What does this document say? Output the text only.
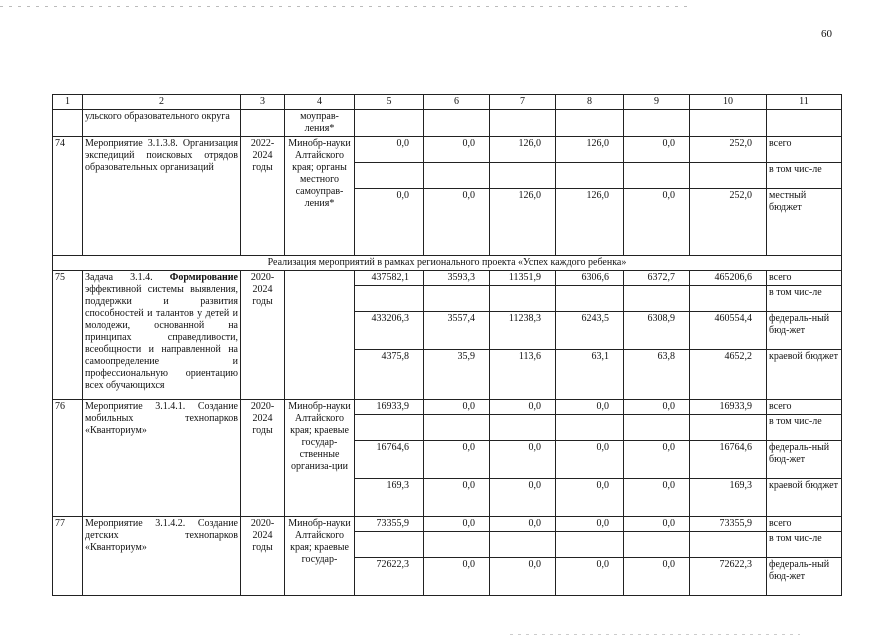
60
1	2	3	4	5	6	7	8	9	10	11
	ульского образовательного округа		моуправ-ления*							
74	Мероприятие 3.1.3.8. Организация экспедиций поисковых отрядов образовательных организаций	2022-2024 годы	Минобр-науки Алтайского края; органы местного самоуправ-ления*	0,0	0,0	126,0	126,0	0,0	252,0	всего
										в том чис-ле
				0,0	0,0	126,0	126,0	0,0	252,0	местный бюджет
Реализация мероприятий в рамках регионального проекта «Успех каждого ребенка»										
75	Задача 3.1.4. Формирование эффективной системы выявления, поддержки и развития способностей и талантов у детей и молодежи, основанной на принципах справедливости, всеобщности и направленной на самоопределение и профессиональную ориентацию всех обучающихся	2020-2024 годы		437582,1	3593,3	11351,9	6306,6	6372,7	465206,6	всего
										в том чис-ле
				433206,3	3557,4	11238,3	6243,5	6308,9	460554,4	федераль-ный бюд-жет
				4375,8	35,9	113,6	63,1	63,8	4652,2	краевой бюджет
76	Мероприятие 3.1.4.1. Создание мобильных технопарков «Кванториум»	2020-2024 годы	Минобр-науки Алтайского края; краевые государ-ственные организа-ции	16933,9	0,0	0,0	0,0	0,0	16933,9	всего
										в том чис-ле
				16764,6	0,0	0,0	0,0	0,0	16764,6	федераль-ный бюд-жет
				169,3	0,0	0,0	0,0	0,0	169,3	краевой бюджет
77	Мероприятие 3.1.4.2. Создание детских технопарков «Кванториум»	2020-2024 годы	Минобр-науки Алтайского края; краевые государ-	73355,9	0,0	0,0	0,0	0,0	73355,9	всего
										в том чис-ле
				72622,3	0,0	0,0	0,0	0,0	72622,3	федераль-ный бюд-жет
